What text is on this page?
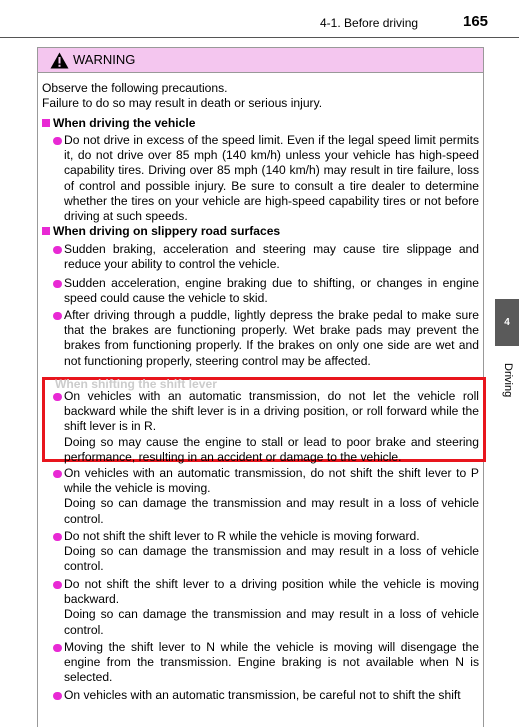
4-1. Before driving	165
4
Driving
WARNING
Observe the following precautions.
Failure to do so may result in death or serious injury.
When driving the vehicle

Do not drive in excess of the speed limit. Even if the legal speed limit permits it, do not drive over 85 mph (140 km/h) unless your vehicle has high-speed capability tires. Driving over 85 mph (140 km/h) may result in tire failure, loss of control and possible injury. Be sure to consult a tire dealer to determine whether the tires on your vehicle are high-speed capability tires or not before driving at such speeds.

When driving on slippery road surfaces

Sudden braking, acceleration and steering may cause tire slippage and reduce your ability to control the vehicle.

Sudden acceleration, engine braking due to shifting, or changes in engine speed could cause the vehicle to skid.

After driving through a puddle, lightly depress the brake pedal to make sure that the brakes are functioning properly. Wet brake pads may prevent the brakes from functioning properly. If the brakes on only one side are wet and not functioning properly, steering control may be affected.

When shifting the shift lever

On vehicles with an automatic transmission, do not let the vehicle roll backward while the shift lever is in a driving position, or roll forward while the shift lever is in R.
Doing so may cause the engine to stall or lead to poor brake and steering performance, resulting in an accident or damage to the vehicle.

On vehicles with an automatic transmission, do not shift the shift lever to P while the vehicle is moving.
Doing so can damage the transmission and may result in a loss of vehicle control.

Do not shift the shift lever to R while the vehicle is moving forward.
Doing so can damage the transmission and may result in a loss of vehicle control.

Do not shift the shift lever to a driving position while the vehicle is moving backward.
Doing so can damage the transmission and may result in a loss of vehicle control.

Moving the shift lever to N while the vehicle is moving will disengage the engine from the transmission. Engine braking is not available when N is selected.

On vehicles with an automatic transmission, be careful not to shift the shift
